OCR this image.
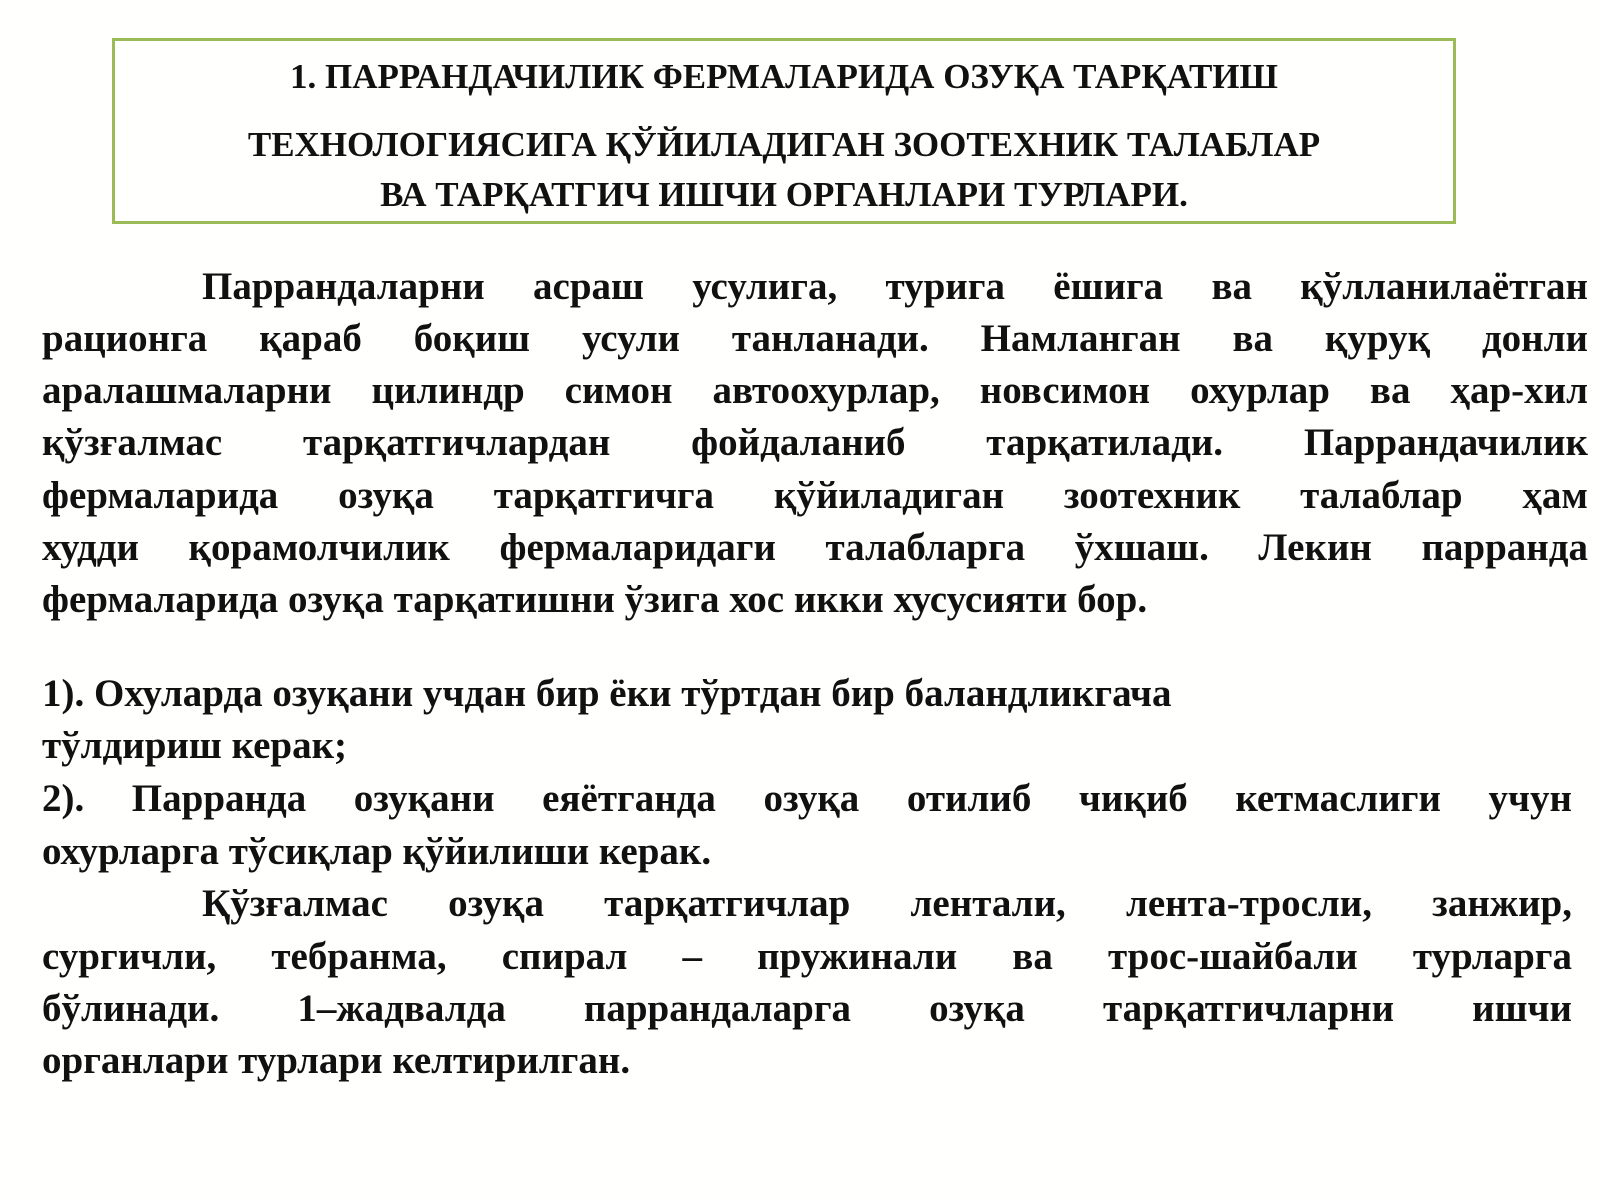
1. ПАРРАНДАЧИЛИК ФЕРМАЛАРИДА ОЗУҚА ТАРҚАТИШ
ТЕХНОЛОГИЯСИГА ҚЎЙИЛАДИГАН ЗООТЕХНИК ТАЛАБЛАР
ВА ТАРҚАТГИЧ ИШЧИ ОРГАНЛАРИ ТУРЛАРИ.
Паррандаларни асраш усулига, турига ёшига ва қўлланилаётган
рационга қараб боқиш усули танланади. Намланган ва қуруқ донли
аралашмаларни цилиндр симон автоохурлар, новсимон охурлар ва ҳар-хил
қўзғалмас тарқатгичлардан фойдаланиб тарқатилади. Паррандачилик
фермаларида озуқа тарқатгичга қўйиладиган зоотехник талаблар ҳам
худди қорамолчилик фермаларидаги талабларга ўхшаш. Лекин парранда
фермаларида озуқа тарқатишни ўзига хос икки хусусияти бор.
1). Охуларда озуқани учдан бир ёки тўртдан бир баландликгача
тўлдириш керак;
2). Парранда озуқани еяётганда озуқа отилиб чиқиб кетмаслиги учун
охурларга тўсиқлар қўйилиши керак.
Қўзғалмас озуқа тарқатгичлар лентали, лента-тросли, занжир,
сургичли, тебранма, спирал – пружинали ва трос-шайбали турларга
бўлинади. 1–жадвалда паррандаларга озуқа тарқатгичларни ишчи
органлари турлари келтирилган.
